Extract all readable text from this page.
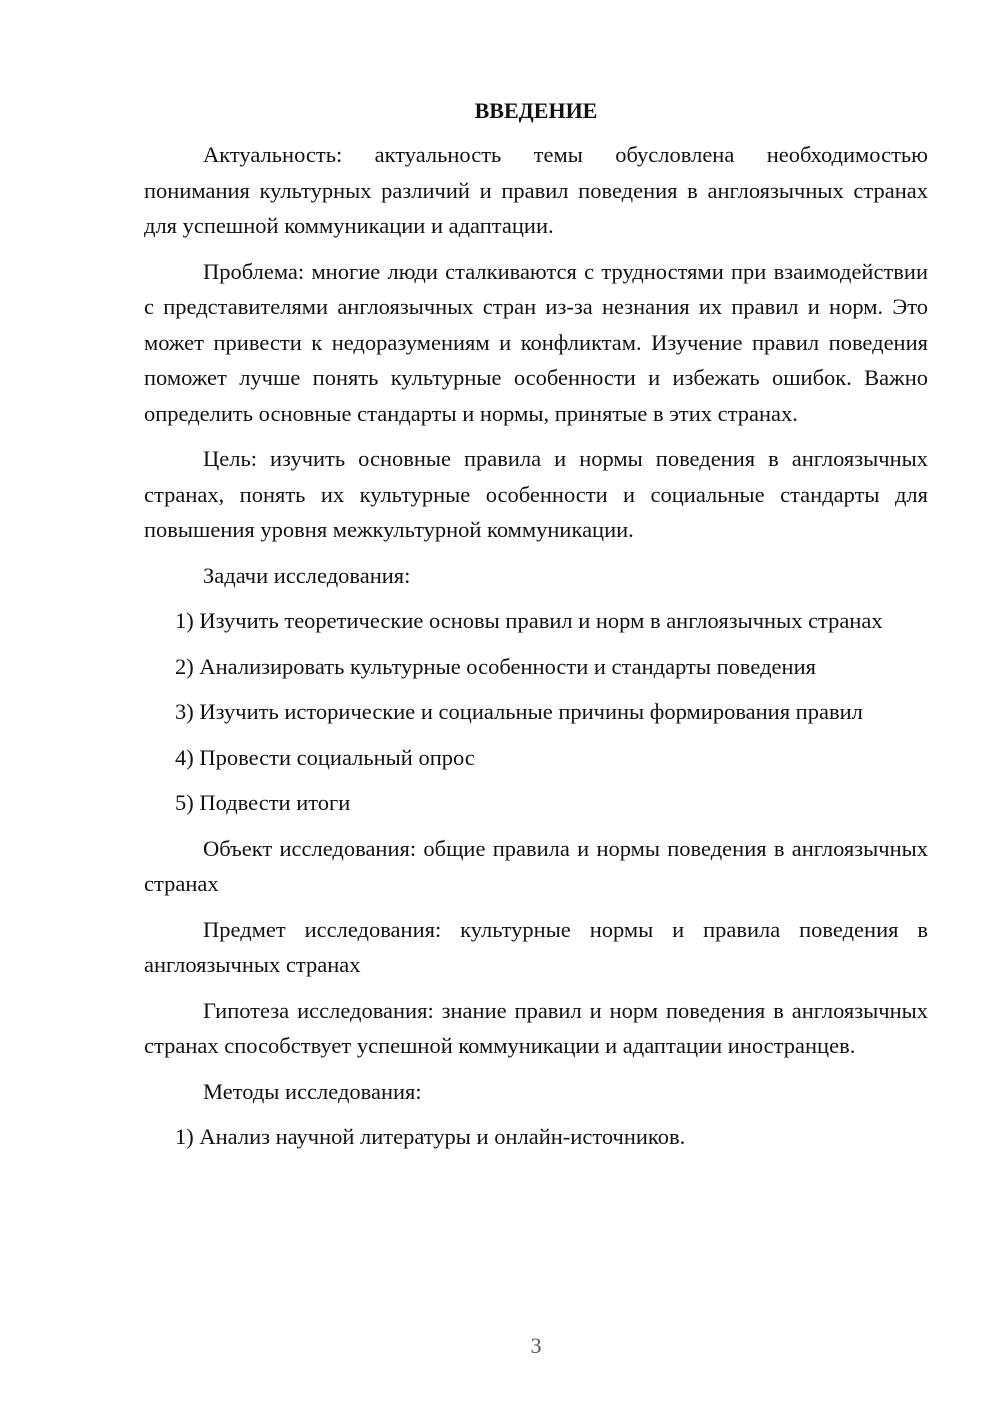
ВВЕДЕНИЕ

Актуальность: актуальность темы обусловлена необходимостью понимания культурных различий и правил поведения в англоязычных странах для успешной коммуникации и адаптации.

Проблема: многие люди сталкиваются с трудностями при взаимодействии с представителями англоязычных стран из-за незнания их правил и норм. Это может привести к недоразумениям и конфликтам. Изучение правил поведения поможет лучше понять культурные особенности и избежать ошибок. Важно определить основные стандарты и нормы, принятые в этих странах.

Цель: изучить основные правила и нормы поведения в англоязычных странах, понять их культурные особенности и социальные стандарты для повышения уровня межкультурной коммуникации.

Задачи исследования:

1) Изучить теоретические основы правил и норм в англоязычных странах

2) Анализировать культурные особенности и стандарты поведения

3) Изучить исторические и социальные причины формирования правил

4) Провести социальный опрос

5) Подвести итоги

Объект исследования: общие правила и нормы поведения в англоязычных странах

Предмет исследования: культурные нормы и правила поведения в англоязычных странах

Гипотеза исследования: знание правил и норм поведения в англоязычных странах способствует успешной коммуникации и адаптации иностранцев.

Методы исследования:

1) Анализ научной литературы и онлайн-источников.

3
